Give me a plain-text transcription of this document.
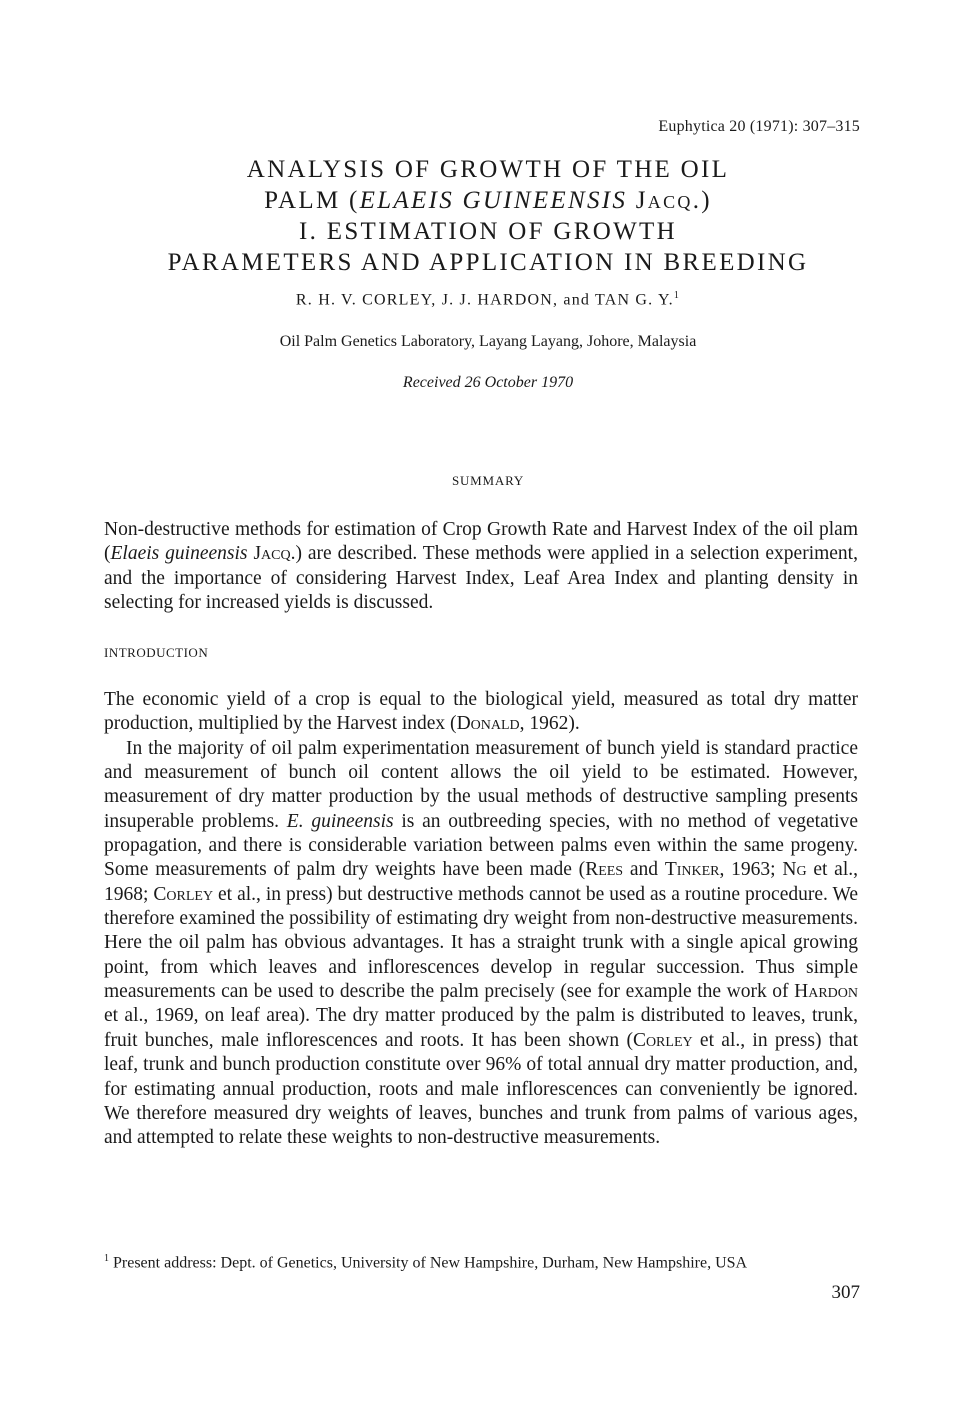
Euphytica 20 (1971): 307–315
ANALYSIS OF GROWTH OF THE OIL
PALM (ELAEIS GUINEENSIS Jacq.)
I. ESTIMATION OF GROWTH
PARAMETERS AND APPLICATION IN BREEDING
R. H. V. CORLEY, J. J. HARDON, and TAN G. Y.$^1$
Oil Palm Genetics Laboratory, Layang Layang, Johore, Malaysia
Received 26 October 1970
SUMMARY
Non-destructive methods for estimation of Crop Growth Rate and Harvest Index of the oil plam (Elaeis guineensis Jacq.) are described. These methods were applied in a selection experiment, and the importance of considering Harvest Index, Leaf Area Index and planting density in selecting for increased yields is discussed.
INTRODUCTION

The economic yield of a crop is equal to the biological yield, measured as total dry matter production, multiplied by the Harvest index (Donald, 1962).

In the majority of oil palm experimentation measurement of bunch yield is standard practice and measurement of bunch oil content allows the oil yield to be estimated. However, measurement of dry matter production by the usual methods of destructive sampling presents insuperable problems. E. guineensis is an outbreeding species, with no method of vegetative propagation, and there is considerable variation between palms even within the same progeny. Some measurements of palm dry weights have been made (Rees and Tinker, 1963; Ng et al., 1968; Corley et al., in press) but destructive methods cannot be used as a routine procedure. We therefore examined the possibility of estimating dry weight from non-destructive measurements. Here the oil palm has obvious advantages. It has a straight trunk with a single apical growing point, from which leaves and inflorescences develop in regular succession. Thus simple measurements can be used to describe the palm precisely (see for example the work of Hardon et al., 1969, on leaf area). The dry matter produced by the palm is distributed to leaves, trunk, fruit bunches, male inflorescences and roots. It has been shown (Corley et al., in press) that leaf, trunk and bunch production constitute over 96% of total annual dry matter production, and, for estimating annual production, roots and male inflorescences can conveniently be ignored. We therefore measured dry weights of leaves, bunches and trunk from palms of various ages, and attempted to relate these weights to non-destructive measurements.

$^1$ Present address: Dept. of Genetics, University of New Hampshire, Durham, New Hampshire, USA
307
